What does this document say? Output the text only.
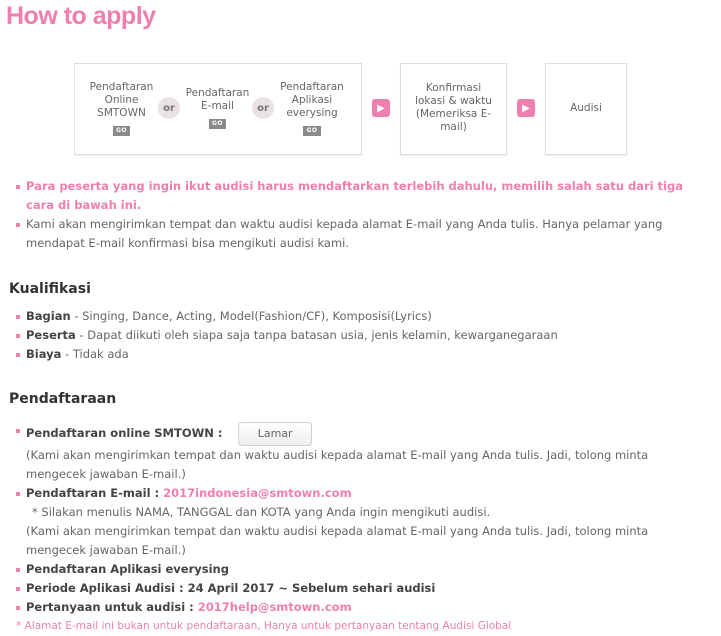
How to apply
Pendaftaran Online SMTOWN
GO
or
Pendaftaran E-mail
GO
or
Pendaftaran Aplikasi everysing
GO
▶
Konfirmasi lokasi & waktu (Memeriksa E-mail)
▶	Audisi
Para peserta yang ingin ikut audisi harus mendaftarkan terlebih dahulu, memilih salah satu dari tiga cara di bawah ini.
Kami akan mengirimkan tempat dan waktu audisi kepada alamat E-mail yang Anda tulis. Hanya pelamar yang mendapat E-mail konfirmasi bisa mengikuti audisi kami.
Kualifikasi
Bagian - Singing, Dance, Acting, Model(Fashion/CF), Komposisi(Lyrics)
Peserta - Dapat diikuti oleh siapa saja tanpa batasan usia, jenis kelamin, kewarganegaraan
Biaya - Tidak ada
Pendaftaraan
Pendaftaran online SMTOWN :	Lamar
(Kami akan mengirimkan tempat dan waktu audisi kepada alamat E-mail yang Anda tulis. Jadi, tolong minta mengecek jawaban E-mail.)
Pendaftaran E-mail : 2017indonesia@smtown.com
* Silakan menulis NAMA, TANGGAL dan KOTA yang Anda ingin mengikuti audisi.
(Kami akan mengirimkan tempat dan waktu audisi kepada alamat E-mail yang Anda tulis. Jadi, tolong minta mengecek jawaban E-mail.)
Pendaftaran Aplikasi everysing
Periode Aplikasi Audisi : 24 April 2017 ~ Sebelum sehari audisi
Pertanyaan untuk audisi : 2017help@smtown.com
* Alamat E-mail ini bukan untuk pendaftaraan, Hanya untuk pertanyaan tentang Audisi Global
